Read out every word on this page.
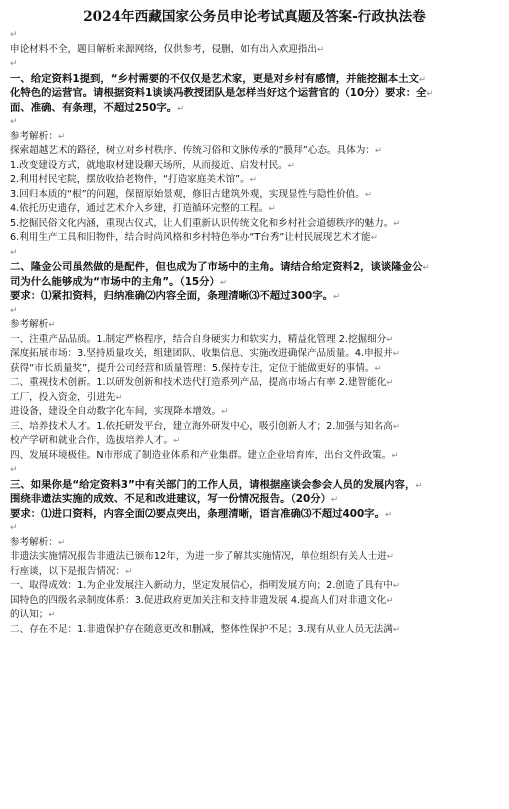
2024年西藏国家公务员申论考试真题及答案-行政执法卷
↵
申论材料不全，题目解析来源网络，仅供参考，侵删，如有出入欢迎指出↵
↵
一、给定资料1提到，“乡村需要的不仅仅是艺术家，更是对乡村有感情，并能挖掘本土文↵
化特色的运营官。请根据资料1谈谈冯教授团队是怎样当好这个运营官的（10分）要求：全↵
面、准确、有条理，不超过250字。↵
↵
参考解析：↵
探索超越艺术的路径，树立对乡村秩序、传统习俗和文脉传承的“膜拜”心态。具体为：↵
1.改变建设方式，就地取材建设聊天场所，从而接近、启发村民。↵
2.利用村民宅院，摆放收拾老物件，“打造家庭美术馆”。↵
3.回归本质的“根”的问题，保留原始景观，修旧古建筑外观，实现显性与隐性价值。↵
4.依托历史遗存，通过艺术介入乡建，打造循环完整的工程。↵
5.挖掘民俗文化内涵，重现古仪式，让人们重新认识传统文化和乡村社会道德秩序的魅力。↵
6.利用生产工具和旧物件，结合时尚风格和乡村特色举办“T台秀”让村民展现艺术才能↵
↵
二、隆金公司虽然做的是配件，但也成为了市场中的主角。请结合给定资料2，谈谈隆金公↵
司为什么能够成为“市场中的主角”。（15分）↵
要求：⑴紧扣资料，归纳准确⑵内容全面，条理清晰⑶不超过300字。↵
↵
参考解析↵
一、注重产品品质。1.制定严格程序，结合自身硬实力和软实力，精益化管理 2.挖掘细分↵
深度拓展市场：3.坚持质量攻关，组建团队、收集信息、实施改进确保产品质量。4.申报并↵
获得“市长质量奖”，提升公司经营和质量管理：5.保持专注，定位于能做更好的事情。↵
二、重视技术创新。1.以研发创新和技术迭代打造系列产品，提高市场占有率 2.建智能化↵
工厂，投入资金，引进先↵
进设备，建设全自动数字化车间，实现降本增效。↵
三、培养技术人才。1.依托研发平台，建立海外研发中心，吸引创新人才；2.加强与知名高↵
校产学研和就业合作，选拔培养人才。↵
四、发展环境极佳。N市形成了制造业体系和产业集群。建立企业培育库，出台文件政策。↵
↵
三、如果你是“给定资料3”中有关部门的工作人员，请根据座谈会参会人员的发展内容，↵
围绕非遗法实施的成效、不足和改进建议，写一份情况报告。（20分）↵
要求：⑴进口资料，内容全面⑵要点突出，条理清晰，语言准确⑶不超过400字。↵
↵
参考解析：↵
非遗法实施情况报告非遗法已颁布12年，为进一步了解其实施情况，单位组织有关人士进↵
行座谈，以下是报告情况：↵
一、取得成效：1.为企业发展注入新动力，坚定发展信心，指明发展方向；2.创造了具有中↵
国特色的四级名录制度体系：3.促进政府更加关注和支持非遗发展 4.提高人们对非遗文化↵
的认知；↵
二、存在不足：1.非遗保护存在随意更改和删减，整体性保护不足；3.现有从业人员无法满↵
